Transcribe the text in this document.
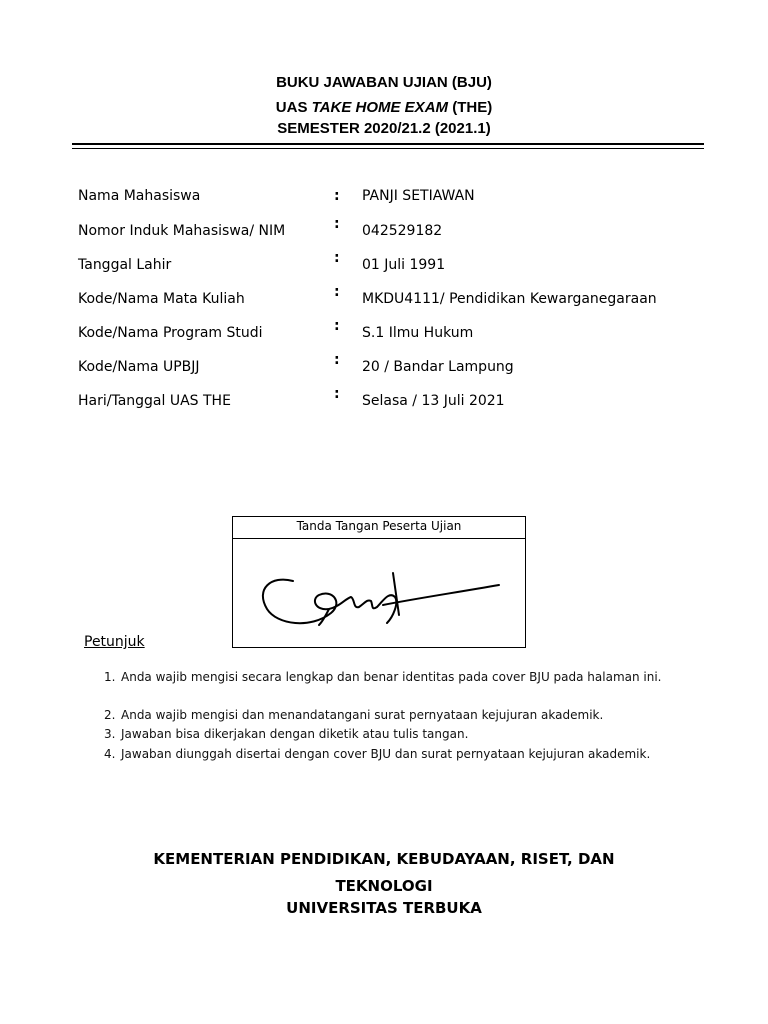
BUKU JAWABAN UJIAN (BJU)
UAS TAKE HOME EXAM (THE)
SEMESTER 2020/21.2 (2021.1)
Nama Mahasiswa	: PANJI SETIAWAN
Nomor Induk Mahasiswa/ NIM	: 042529182
Tanggal Lahir	: 01 Juli 1991
Kode/Nama Mata Kuliah	: MKDU4111/ Pendidikan Kewarganegaraan
Kode/Nama Program Studi	: S.1 Ilmu Hukum
Kode/Nama UPBJJ	: 20 / Bandar Lampung
Hari/Tanggal UAS THE	: Selasa / 13 Juli 2021
Tanda Tangan Peserta Ujian
Petunjuk
1. Anda wajib mengisi secara lengkap dan benar identitas pada cover BJU pada halaman ini.
2. Anda wajib mengisi dan menandatangani surat pernyataan kejujuran akademik.
3. Jawaban bisa dikerjakan dengan diketik atau tulis tangan.
4. Jawaban diunggah disertai dengan cover BJU dan surat pernyataan kejujuran akademik.
KEMENTERIAN PENDIDIKAN, KEBUDAYAAN, RISET, DAN
TEKNOLOGI
UNIVERSITAS TERBUKA
